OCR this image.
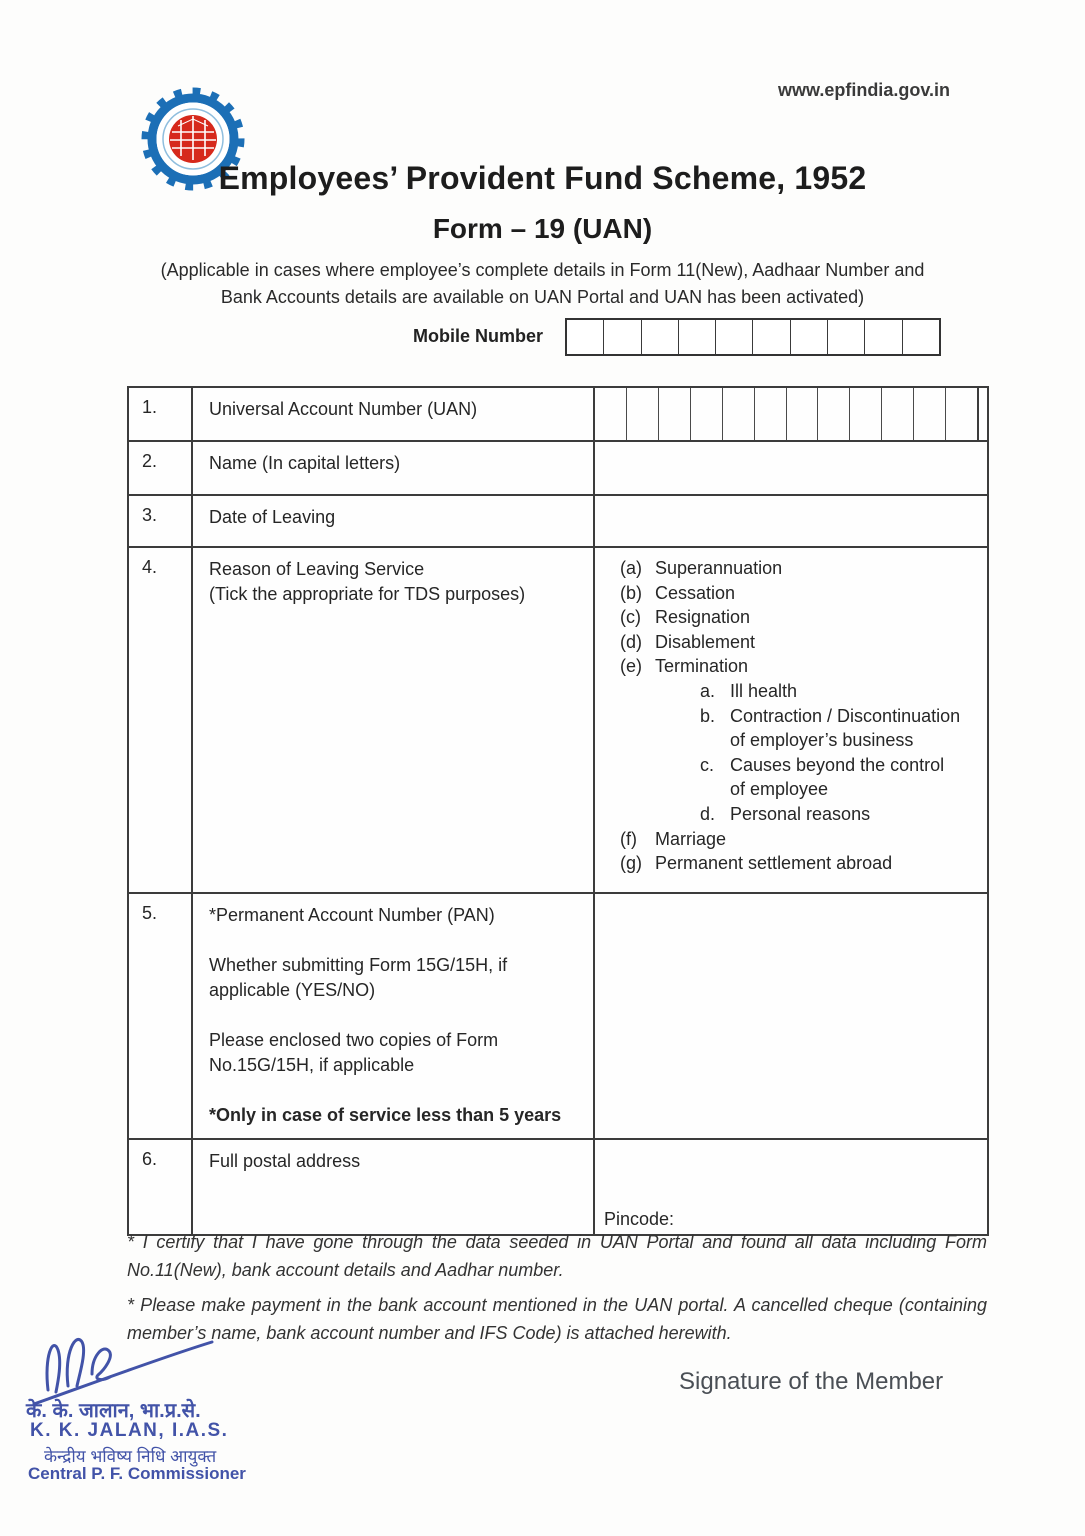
www.epfindia.gov.in
Employees’ Provident Fund Scheme, 1952
Form – 19 (UAN)
(Applicable in cases where employee’s complete details in Form 11(New), Aadhaar Number and
Bank Accounts details are available on UAN Portal and UAN has been activated)
Mobile Number
1.	Universal Account Number (UAN)
2.	Name (In capital letters)
3.	Date of Leaving
4.	Reason of Leaving Service
(Tick the appropriate for TDS purposes)
(a) Superannuation
(b) Cessation
(c) Resignation
(d) Disablement
(e) Termination
a. Ill health
b. Contraction / Discontinuation of employer’s business
c. Causes beyond the control of employee
d. Personal reasons
(f)	Marriage
(g) Permanent settlement abroad
5.	*Permanent Account Number (PAN)

Whether submitting Form 15G/15H, if applicable (YES/NO)

Please enclosed two copies of Form No.15G/15H, if applicable

*Only in case of service less than 5 years

6.	Full postal address
Pincode:
* I certify that I have gone through the data seeded in UAN Portal and found all data including Form No.11(New), bank account details and Aadhar number.
* Please make payment in the bank account mentioned in the UAN portal. A cancelled cheque (containing member’s name, bank account number and IFS Code) is attached herewith.
के. के. जालान, भा.प्र.से.
K. K. JALAN, I.A.S.
केन्द्रीय भविष्य निधि आयुक्त
Central P. F. Commissioner
Signature of the Member
